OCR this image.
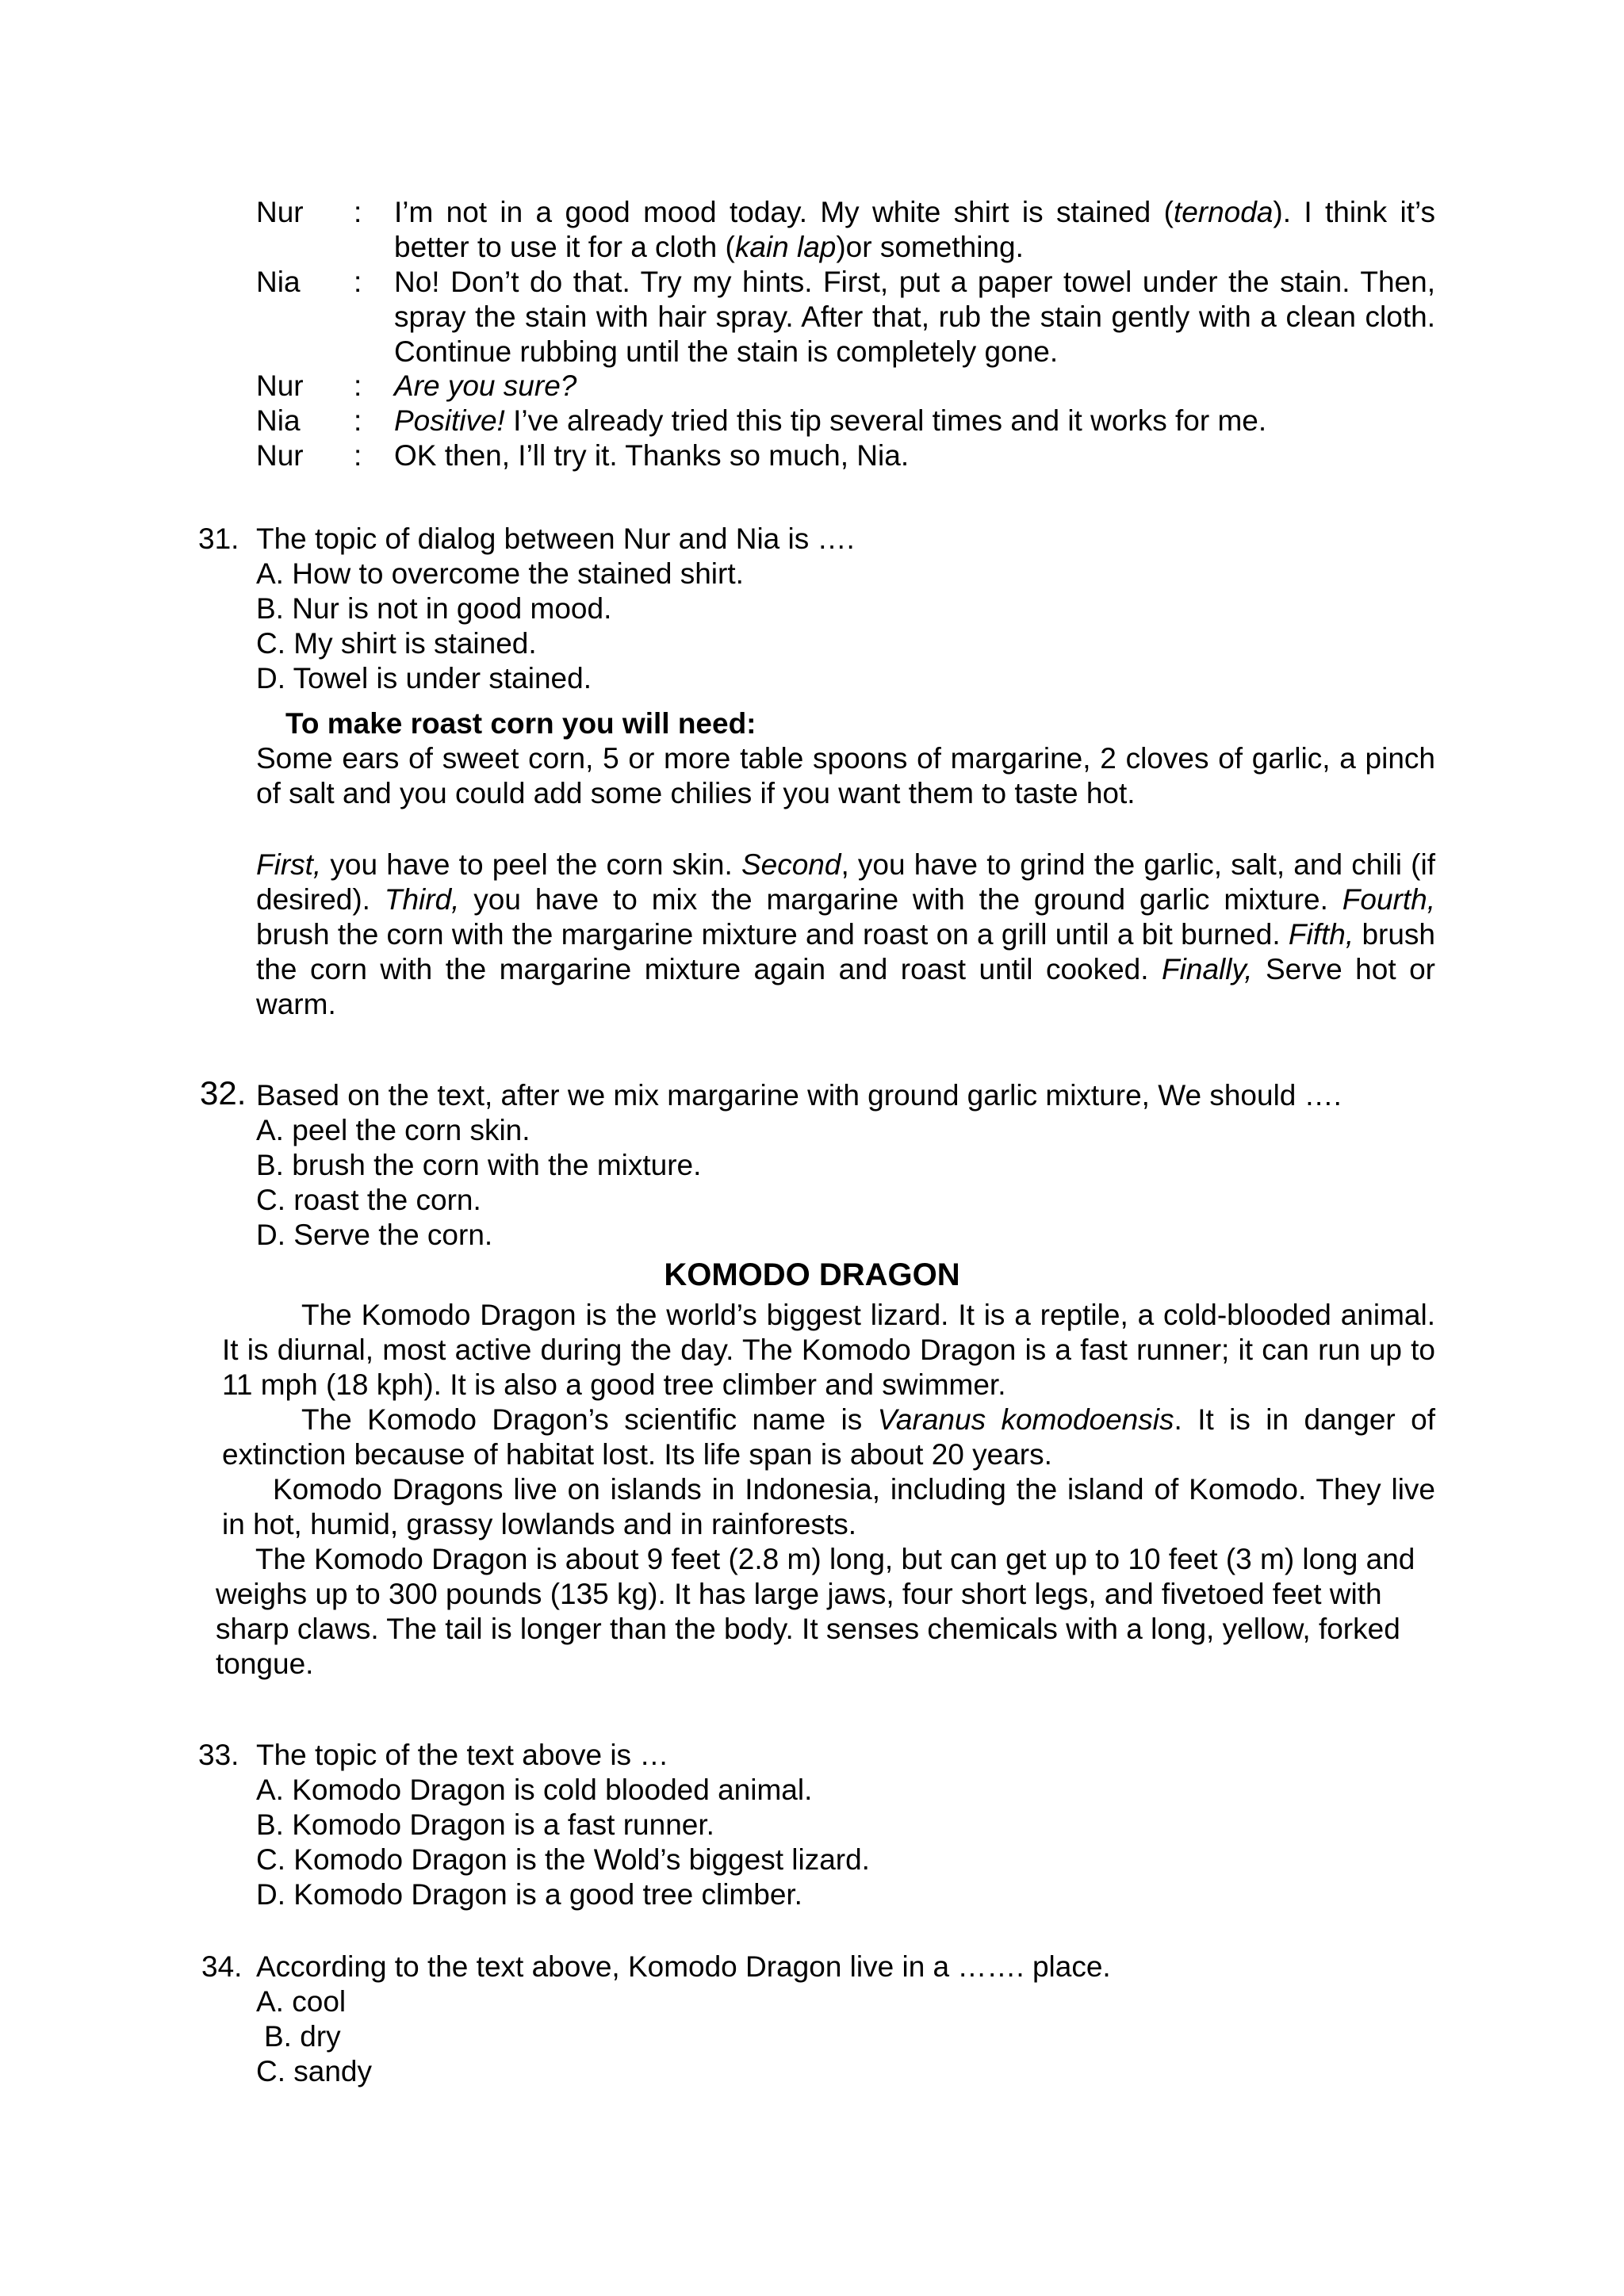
Nur : I’m not in a good mood today. My white shirt is stained (ternoda). I think it’s better to use it for a cloth (kain lap)or something.
Nia : No! Don’t do that. Try my hints. First, put a paper towel under the stain. Then, spray the stain with hair spray. After that, rub the stain gently with a clean cloth. Continue rubbing until the stain is completely gone.
Nur : Are you sure?
Nia : Positive! I’ve already tried this tip several times and it works for me.
Nur : OK then, I’ll try it. Thanks so much, Nia.
31. The topic of dialog between Nur and Nia is ….
A. How to overcome the stained shirt.
B. Nur is not in good mood.
C. My shirt is stained.
D. Towel is under stained.
To make roast corn you will need:
Some ears of sweet corn, 5 or more table spoons of margarine, 2 cloves of garlic, a pinch of salt and you could add some chilies if you want them to taste hot.
First, you have to peel the corn skin. Second, you have to grind the garlic, salt, and chili (if desired). Third, you have to mix the margarine with the ground garlic mixture. Fourth, brush the corn with the margarine mixture and roast on a grill until a bit burned. Fifth, brush the corn with the margarine mixture again and roast until cooked. Finally, Serve hot or warm.
32. Based on the text, after we mix margarine with ground garlic mixture, We should ….
A. peel the corn skin.
B. brush the corn with the mixture.
C. roast the corn.
D. Serve the corn.
KOMODO DRAGON
The Komodo Dragon is the world’s biggest lizard. It is a reptile, a cold-blooded animal. It is diurnal, most active during the day. The Komodo Dragon is a fast runner; it can run up to 11 mph (18 kph). It is also a good tree climber and swimmer.
The Komodo Dragon’s scientific name is Varanus komodoensis. It is in danger of extinction because of habitat lost. Its life span is about 20 years.
Komodo Dragons live on islands in Indonesia, including the island of Komodo. They live in hot, humid, grassy lowlands and in rainforests.
The Komodo Dragon is about 9 feet (2.8 m) long, but can get up to 10 feet (3 m) long and weighs up to 300 pounds (135 kg). It has large jaws, four short legs, and fivetoed feet with sharp claws. The tail is longer than the body. It senses chemicals with a long, yellow, forked tongue.
33. The topic of the text above is …
A. Komodo Dragon is cold blooded animal.
B. Komodo Dragon is a fast runner.
C. Komodo Dragon is the Wold’s biggest lizard.
D. Komodo Dragon is a good tree climber.
34. According to the text above, Komodo Dragon live in a ……. place.
A. cool
B. dry
C. sandy
